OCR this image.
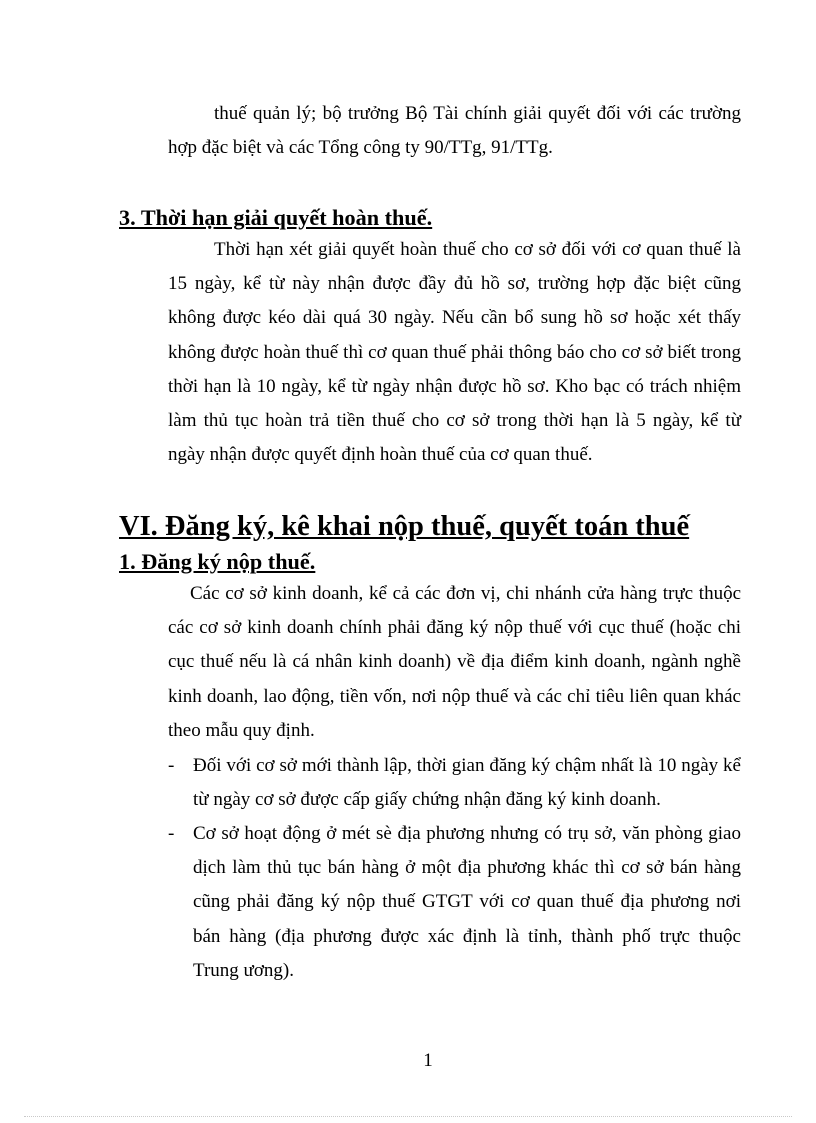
thuế quản lý; bộ trưởng Bộ Tài chính giải quyết đối với các trường hợp đặc biệt và các Tổng công ty 90/TTg, 91/TTg.

3. Thời hạn giải quyết hoàn thuế.

Thời hạn xét giải quyết hoàn thuế cho cơ sở đối với cơ quan thuế là 15 ngày, kể từ này nhận được đầy đủ hồ sơ, trường hợp đặc biệt cũng không được kéo dài quá 30 ngày. Nếu cần bổ sung hồ sơ hoặc xét thấy không được hoàn thuế thì cơ quan thuế phải thông báo cho cơ sở biết trong thời hạn là 10 ngày, kể từ ngày nhận được hồ sơ. Kho bạc có trách nhiệm làm thủ tục hoàn trả tiền thuế cho cơ sở trong thời hạn là 5 ngày, kể từ ngày nhận được quyết định hoàn thuế của cơ quan thuế.

VI. Đăng ký, kê khai nộp thuế, quyết toán thuế
1. Đăng ký nộp thuế.

Các cơ sở kinh doanh, kể cả các đơn vị, chi nhánh cửa hàng trực thuộc các cơ sở kinh doanh chính phải đăng ký nộp thuế với cục thuế (hoặc chi cục thuế nếu là cá nhân kinh doanh) về địa điểm kinh doanh, ngành nghề kinh doanh, lao động, tiền vốn, nơi nộp thuế và các chỉ tiêu liên quan khác theo mẫu quy định.

- Đối với cơ sở mới thành lập, thời gian đăng ký chậm nhất là 10 ngày kể từ ngày cơ sở được cấp giấy chứng nhận đăng ký kinh doanh.

- Cơ sở hoạt động ở mét sè địa phương nhưng có trụ sở, văn phòng giao dịch làm thủ tục bán hàng ở một địa phương khác thì cơ sở bán hàng cũng phải đăng ký nộp thuế GTGT với cơ quan thuế địa phương nơi bán hàng (địa phương được xác định là tỉnh, thành phố trực thuộc Trung ương).

1
